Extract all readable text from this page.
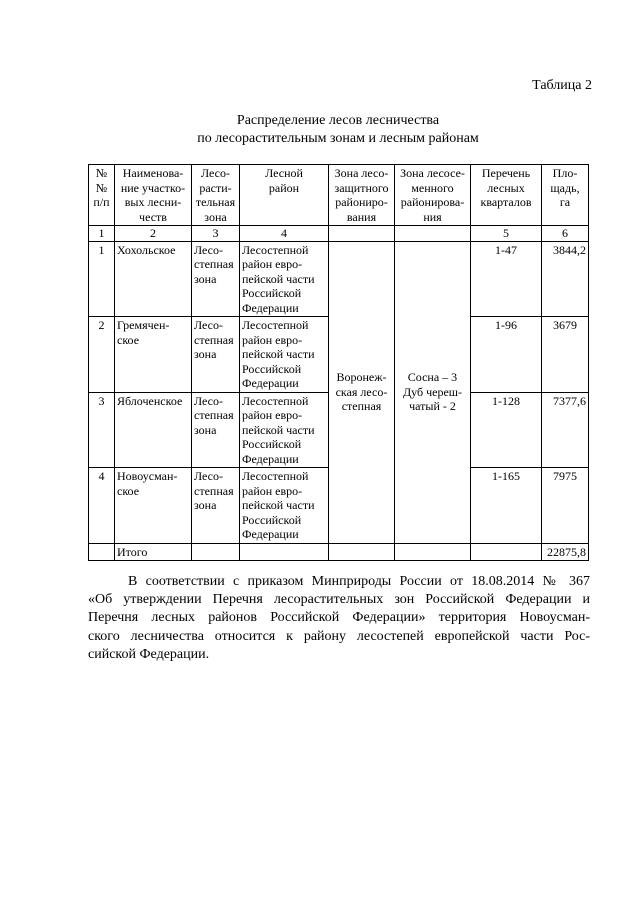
Таблица 2
Распределение лесов лесничества
по лесорастительным зонам и лесным районам
№
№
п/п	Наименова-
ние участко-
вых лесни-
честв	Лесо-
расти-
тельная
зона	Лесной
район	Зона лесо-
защитного
райониро-
вания	Зона лесосе-
менного
районирова-
ния	Перечень
лесных
кварталов	Пло-
щадь,
га

1	2	3	4			5	6
1	Хохольское	Лесо-
степная
зона	Лесостепной
район евро-
пейской части
Российской
Федерации	Воронеж-
ская лесо-
степная	Сосна – 3
Дуб череш-
чатый - 2	1-47	3844,2
2	Гремячен-
ское	Лесо-
степная
зона	Лесостепной
район евро-
пейской части
Российской
Федерации			1-96	3679
3	Яблоченское	Лесо-
степная
зона	Лесостепной
район евро-
пейской части
Российской
Федерации			1-128	7377,6
4	Новоусман-
ское	Лесо-
степная
зона	Лесостепной
район евро-
пейской части
Российской
Федерации			1-165	7975
	Итого						22875,8
В соответствии с приказом Минприроды России от 18.08.2014 № 367
«Об утверждении Перечня лесорастительных зон Российской Федерации и
Перечня лесных районов Российской Федерации» территория Новоусман-
ского лесничества относится к району лесостепей европейской части Рос-
сийской Федерации.
